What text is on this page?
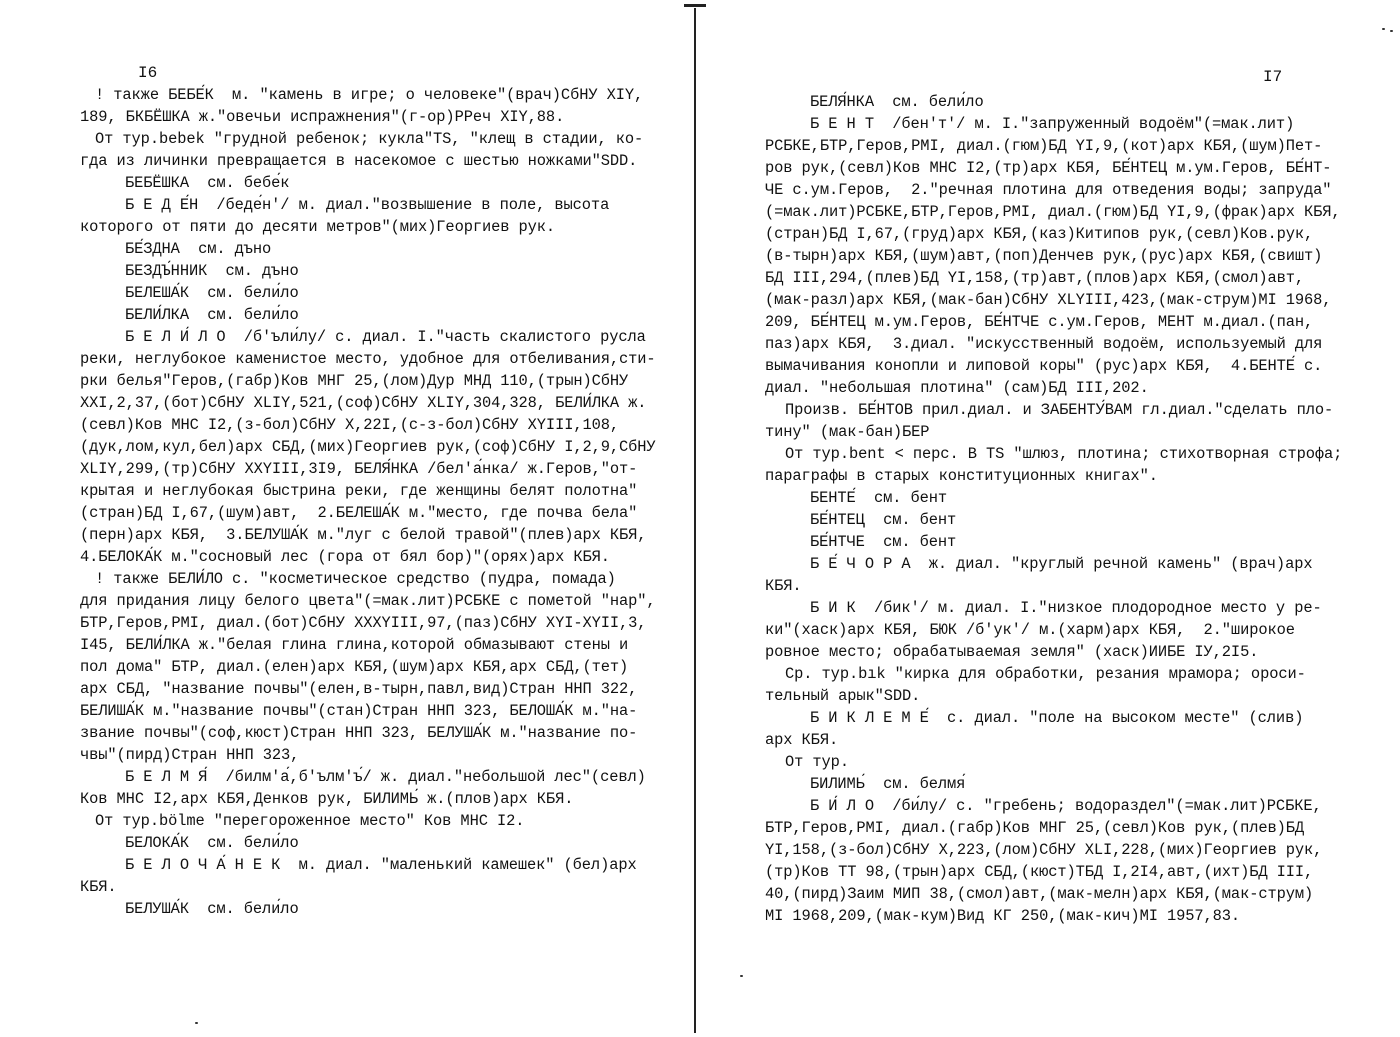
I6
! также БЕБЕ́К  м. "камень в игре; о человеке"(врач)СбНУ XIY,
189, БКБЁШКА ж."овечьи испражнения"(г-ор)РРеч XIY,88.
От тур.bebek "грудной ребенок; кукла"TS, "клещ в стадии, ко-
гда из личинки превращается в насекомое с шестью ножками"SDD.
БЕБЁШКА  см. бебе́к
Б Е Д Е́Н  /беде́н'/ м. диал."возвышение в поле, высота
которого от пяти до десяти метров"(мих)Георгиев рук.
БЕ́ЗДНА  см. дъно
БЕЗДЪ́ННИК  см. дъно
БЕЛЕША́К  см. бели́ло
БЕЛИ́ЛКА  см. бели́ло
Б Е Л И́ Л О  /б'ъли́лу/ с. диал. I."часть скалистого русла
реки, неглубокое каменистое место, удобное для отбеливания,сти-
рки белья"Геров,(габр)Ков МНГ 25,(лом)Дур МНД 110,(трын)СбНУ
XXI,2,37,(бот)СбНУ XLIY,521,(соф)СбНУ XLIY,304,328, БЕЛИ́ЛКА ж.
(севл)Ков МНС I2,(з-бол)СбНУ X,22I,(с-з-бол)СбНУ XYIII,108,
(дук,лом,кул,бел)арх СБД,(мих)Георгиев рук,(соф)СбНУ I,2,9,СбНУ
XLIY,299,(тр)СбНУ XXYIII,3I9, БЕЛЯ́НКА /бел'а́нка/ ж.Геров,"от-
крытая и неглубокая быстрина реки, где женщины белят полотна"
(стран)БД I,67,(шум)авт,  2.БЕЛЕША́К м."место, где почва бела"
(перн)арх КБЯ,  3.БЕЛУША́К м."луг с белой травой"(плев)арх КБЯ,
4.БЕЛОКА́К м."сосновый лес (гора от бял бор)"(орях)арх КБЯ.
! также БЕЛИ́ЛО с. "косметическое средство (пудра, помада)
для придания лицу белого цвета"(=мак.лит)РСБКЕ с пометой "нар",
БТР,Геров,РМI, диал.(бот)СбНУ XXXYIII,97,(паз)СбНУ XYI-XYII,3,
I45, БЕЛИ́ЛКА ж."белая глина глина,которой обмазывают стены и
пол дома" БТР, диал.(елен)арх КБЯ,(шум)арх КБЯ,арх СБД,(тет)
арх СБД, "название почвы"(елен,в-тырн,павл,вид)Стран ННП 322,
БЕЛИША́К м."название почвы"(стан)Стран ННП 323, БЕЛОША́К м."на-
звание почвы"(соф,кюст)Стран ННП 323, БЕЛУША́К м."название по-
чвы"(пирд)Стран ННП 323,
Б Е Л М Я́  /билм'а́,б'ълм'ъ́/ ж. диал."небольшой лес"(севл)
Ков МНС I2,арх КБЯ,Денков рук, БИЛИМЬ́ ж.(плов)арх КБЯ.
От тур.bölme "перегороженное место" Ков МНС I2.
БЕЛОКА́К  см. бели́ло
Б Е Л О Ч А́ Н Е К  м. диал. "маленький камешек" (бел)арх
КБЯ.
БЕЛУША́К  см. бели́ло
I7
БЕЛЯ́НКА  см. бели́ло
Б Е Н Т  /бен'т'/ м. I."запруженный водоём"(=мак.лит)
РСБКЕ,БТР,Геров,РМI, диал.(гюм)БД YI,9,(кот)арх КБЯ,(шум)Пет-
ров рук,(севл)Ков МНС I2,(тр)арх КБЯ, БЕ́НТЕЦ м.ум.Геров, БЕ́НТ-
ЧЕ с.ум.Геров,  2."речная плотина для отведения воды; запруда"
(=мак.лит)РСБКЕ,БТР,Геров,РМI, диал.(гюм)БД YI,9,(фрак)арх КБЯ,
(стран)БД I,67,(груд)арх КБЯ,(каз)Китипов рук,(севл)Ков.рук,
(в-тырн)арх КБЯ,(шум)авт,(поп)Денчев рук,(рус)арх КБЯ,(свишт)
БД III,294,(плев)БД YI,158,(тр)авт,(плов)арх КБЯ,(смол)авт,
(мак-разл)арх КБЯ,(мак-бан)СбНУ XLYIII,423,(мак-струм)МI 1968,
209, БЕ́НТЕЦ м.ум.Геров, БЕ́НТЧЕ с.ум.Геров, МЕНТ м.диал.(пан,
паз)арх КБЯ,  3.диал. "искусственный водоём, используемый для
вымачивания конопли и липовой коры" (рус)арх КБЯ,  4.БЕНТЕ́ с.
диал. "небольшая плотина" (сам)БД III,202.
Произв. БЕ́НТОВ прил.диал. и ЗАБЕНТУ́ВАМ гл.диал."сделать пло-
тину" (мак-бан)БЕР
От тур.bent < перс. В TS "шлюз, плотина; стихотворная строфа;
параграфы в старых конституционных книгах".
БЕНТЕ́  см. бент
БЕ́НТЕЦ  см. бент
БЕ́НТЧЕ  см. бент
Б Е́ Ч О Р А  ж. диал. "круглый речной камень" (врач)арх
КБЯ.
Б И К  /бик'/ м. диал. I."низкое плодородное место у ре-
ки"(хаск)арх КБЯ, БЮК /б'ук'/ м.(харм)арх КБЯ,  2."широкое
ровное место; обрабатываемая земля" (хаск)ИИБЕ IУ,2I5.
Ср. тур.bık "кирка для обработки, резания мрамора; ороси-
тельный арык"SDD.
Б И К Л Е М Е́  с. диал. "поле на высоком месте" (слив)
арх КБЯ.
От тур.
БИЛИМЬ́  см. белмя́
Б И́ Л О  /би́лу/ с. "гребень; водораздел"(=мак.лит)РСБКЕ,
БТР,Геров,РМI, диал.(габр)Ков МНГ 25,(севл)Ков рук,(плев)БД
YI,158,(з-бол)СбНУ X,223,(лом)СбНУ XLI,228,(мих)Георгиев рук,
(тр)Ков ТТ 98,(трын)арх СБД,(кюст)ТБД I,2I4,авт,(ихт)БД III,
40,(пирд)Заим МИП 38,(смол)авт,(мак-мелн)арх КБЯ,(мак-струм)
МI 1968,209,(мак-кум)Вид КГ 250,(мак-кич)МI 1957,83.
